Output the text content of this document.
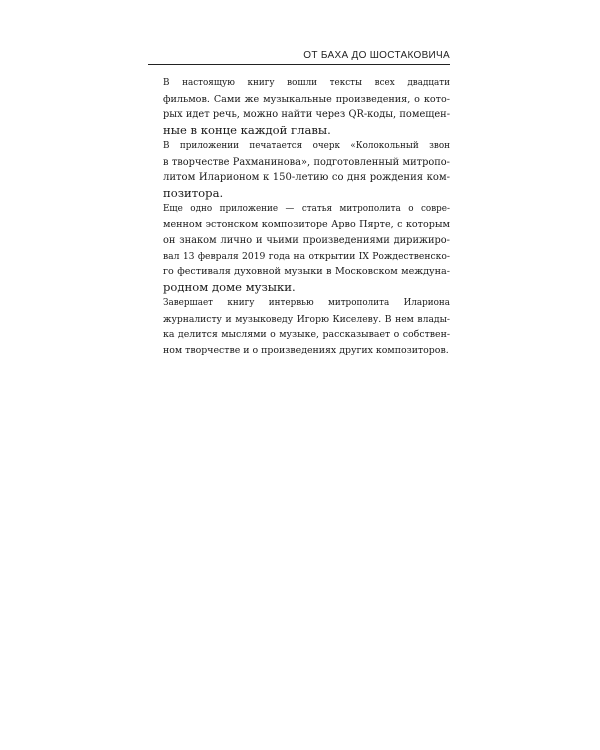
ОТ БАХА ДО ШОСТАКОВИЧА

В настоящую книгу вошли тексты всех двадцати
фильмов. Сами же музыкальные произведения, о кото-
рых идет речь, можно найти через QR-коды, помещен-
ные в конце каждой главы.

В приложении печатается очерк «Колокольный звон
в творчестве Рахманинова», подготовленный митропо-
литом Иларионом к 150-летию со дня рождения ком-
позитора.

Еще одно приложение — статья митрополита о совре-
менном эстонском композиторе Арво Пярте, с которым
он знаком лично и чьими произведениями дирижиро-
вал 13 февраля 2019 года на открытии IX Рождественско-
го фестиваля духовной музыки в Московском междуна-
родном доме музыки.

Завершает книгу интервью митрополита Илариона
журналисту и музыковеду Игорю Киселеву. В нем влады-
ка делится мыслями о музыке, рассказывает о собствен-
ном творчестве и о произведениях других композиторов.
